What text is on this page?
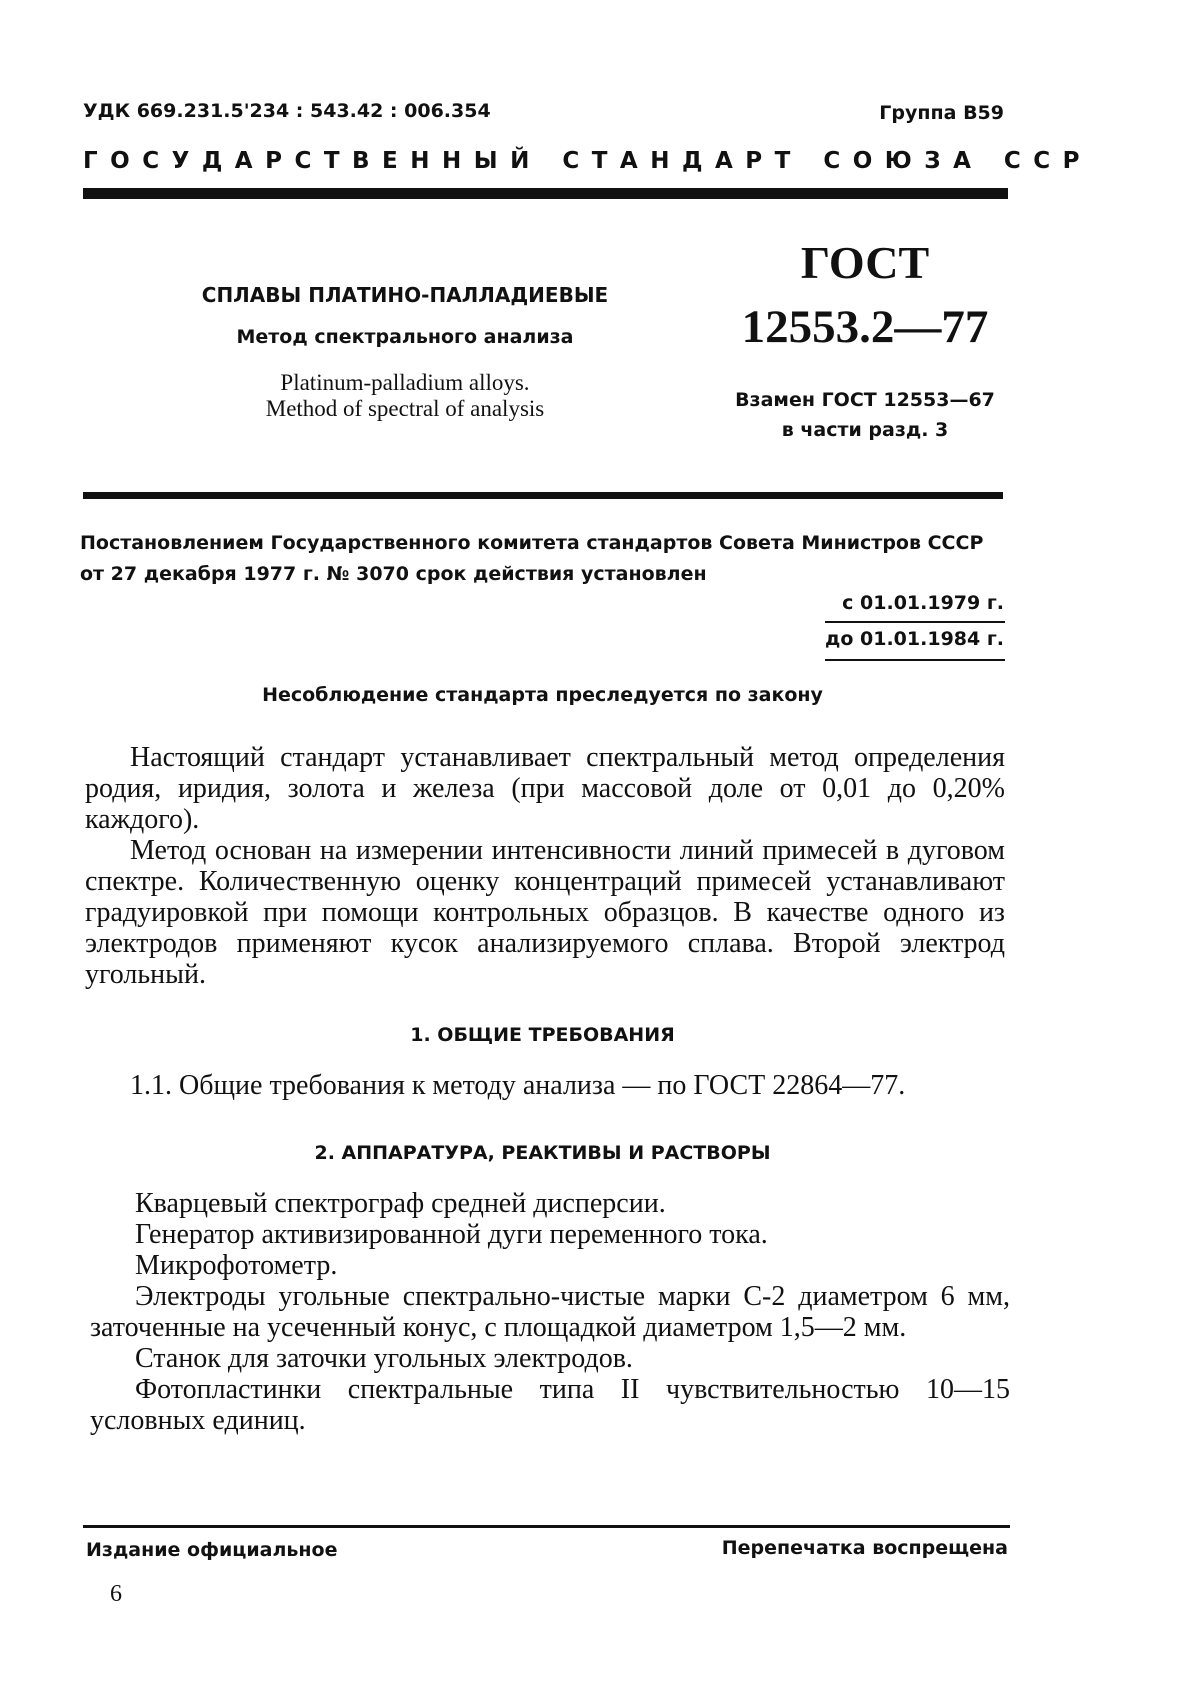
УДК 669.231.5'234 : 543.42 : 006.354	Группа В59
ГОСУДАРСТВЕННЫЙ СТАНДАРТ СОЮЗА ССР
СПЛАВЫ ПЛАТИНО-ПАЛЛАДИЕВЫЕ
Метод спектрального анализа
Platinum-palladium alloys.
Method of spectral of analysis
ГОСТ
12553.2—77
Взамен ГОСТ 12553—67
в части разд. 3
Постановлением Государственного комитета стандартов Совета Министров СССР
от 27 декабря 1977 г. № 3070 срок действия установлен
с 01.01.1979 г.
до 01.01.1984 г.
Несоблюдение стандарта преследуется по закону
Настоящий стандарт устанавливает спектральный метод определения родия, иридия, золота и железа (при массовой доле от 0,01 до 0,20% каждого).
Метод основан на измерении интенсивности линий примесей в дуговом спектре. Количественную оценку концентраций примесей устанавливают градуировкой при помощи контрольных образцов. В качестве одного из электродов применяют кусок анализируемого сплава. Второй электрод угольный.
1. ОБЩИЕ ТРЕБОВАНИЯ
1.1. Общие требования к методу анализа — по ГОСТ 22864—77.
2. АППАРАТУРА, РЕАКТИВЫ И РАСТВОРЫ

Кварцевый спектрограф средней дисперсии.

Генератор активизированной дуги переменного тока.

Микрофотометр.

Электроды угольные спектрально-чистые марки С-2 диаметром 6 мм, заточенные на усеченный конус, с площадкой диаметром 1,5—2 мм.

Станок для заточки угольных электродов.

Фотопластинки спектральные типа II чувствительностью 10—15 условных единиц.

Издание официальное	Перепечатка воспрещена
6
